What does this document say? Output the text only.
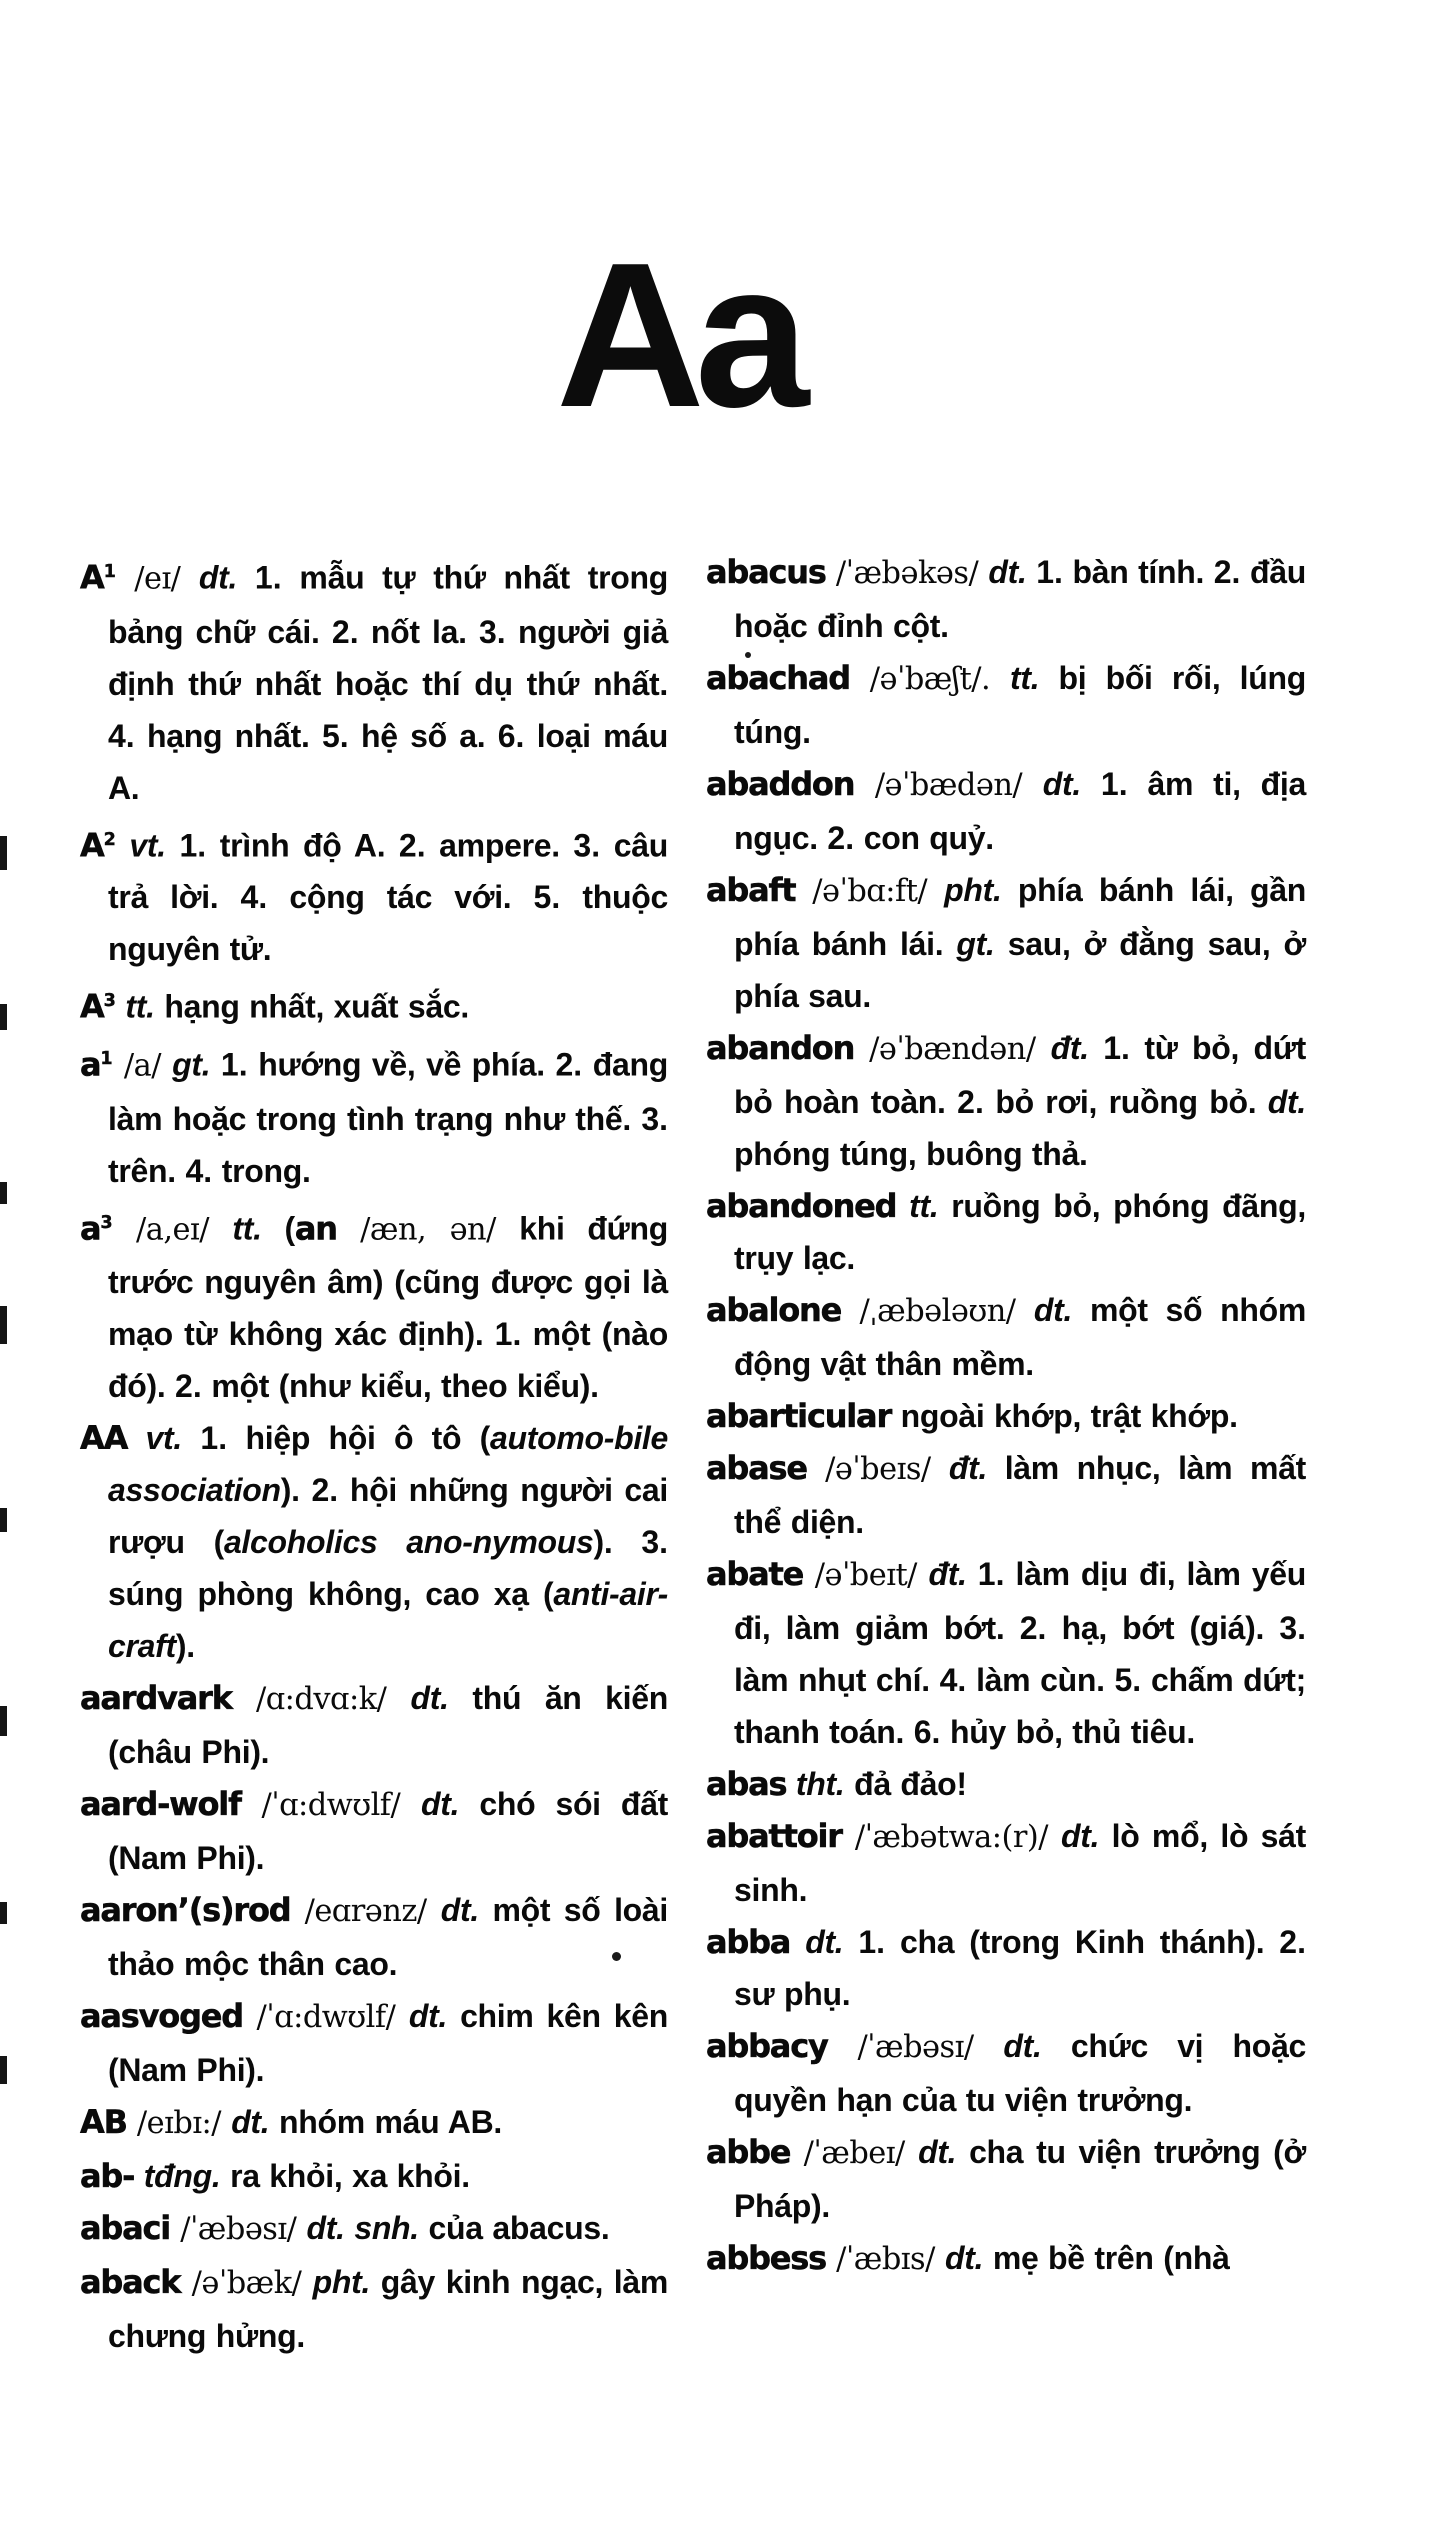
Aa

$A^1$ /eɪ/ dt. 1. mẫu tự thứ nhất trong bảng chữ cái. 2. nốt la. 3. người giả định thứ nhất hoặc thí dụ thứ nhất. 4. hạng nhất. 5. hệ số a. 6. loại máu A.

$A^2$ vt. 1. trình độ A. 2. ampere. 3. câu trả lời. 4. cộng tác với. 5. thuộc nguyên tử.

$A^3$ tt. hạng nhất, xuất sắc.

$a^1$ /a/ gt. 1. hướng về, về phía. 2. đang làm hoặc trong tình trạng như thế. 3. trên. 4. trong.

$a^3$ /a,eɪ/ tt. (an /æn, ən/ khi đứng trước nguyên âm) (cũng được gọi là mạo từ không xác định). 1. một (nào đó). 2. một (như kiểu, theo kiểu).

AA vt. 1. hiệp hội ô tô (automo-bile association). 2. hội những người cai rượu (alcoholics ano-nymous). 3. súng phòng không, cao xạ (anti-air-craft).

aardvark /ɑ:dvɑ:k/ dt. thú ăn kiến (châu Phi).

aard-wolf /ˈɑ:dwʊlf/ dt. chó sói đất (Nam Phi).

aaron’(s)rod /eɑrənz/ dt. một số loài thảo mộc thân cao.

aasvoged /ˈɑ:dwʊlf/ dt. chim kên kên (Nam Phi).

AB /eɪbɪ:/ dt. nhóm máu AB.

ab- tđng. ra khỏi, xa khỏi.

abaci /ˈæbəsɪ/ dt. snh. của abacus.

aback /əˈbæk/ pht. gây kinh ngạc, làm chưng hửng.

abacus /ˈæbəkəs/ dt. 1. bàn tính. 2. đầu hoặc đỉnh cột.

abachad /əˈbæʃt/. tt. bị bối rối, lúng túng.

abaddon /əˈbædən/ dt. 1. âm ti, địa ngục. 2. con quỷ.

abaft /əˈbɑ:ft/ pht. phía bánh lái, gần phía bánh lái. gt. sau, ở đằng sau, ở phía sau.

abandon /əˈbændən/ đt. 1. từ bỏ, dứt bỏ hoàn toàn. 2. bỏ rơi, ruồng bỏ. dt. phóng túng, buông thả.

abandoned tt. ruồng bỏ, phóng đãng, trụy lạc.

abalone /ˌæbələʊn/ dt. một số nhóm động vật thân mềm.

abarticular ngoài khớp, trật khớp.

abase /əˈbeɪs/ đt. làm nhục, làm mất thể diện.

abate /əˈbeɪt/ đt. 1. làm dịu đi, làm yếu đi, làm giảm bớt. 2. hạ, bớt (giá). 3. làm nhụt chí. 4. làm cùn. 5. chấm dứt; thanh toán. 6. hủy bỏ, thủ tiêu.

abas tht. đả đảo!

abattoir /ˈæbətwa:(r)/ dt. lò mổ, lò sát sinh.

abba dt. 1. cha (trong Kinh thánh). 2. sư phụ.

abbacy /ˈæbəsɪ/ dt. chức vị hoặc quyền hạn của tu viện trưởng.

abbe /ˈæbeɪ/ dt. cha tu viện trưởng (ở Pháp).

abbess /ˈæbɪs/ dt. mẹ bề trên (nhà
